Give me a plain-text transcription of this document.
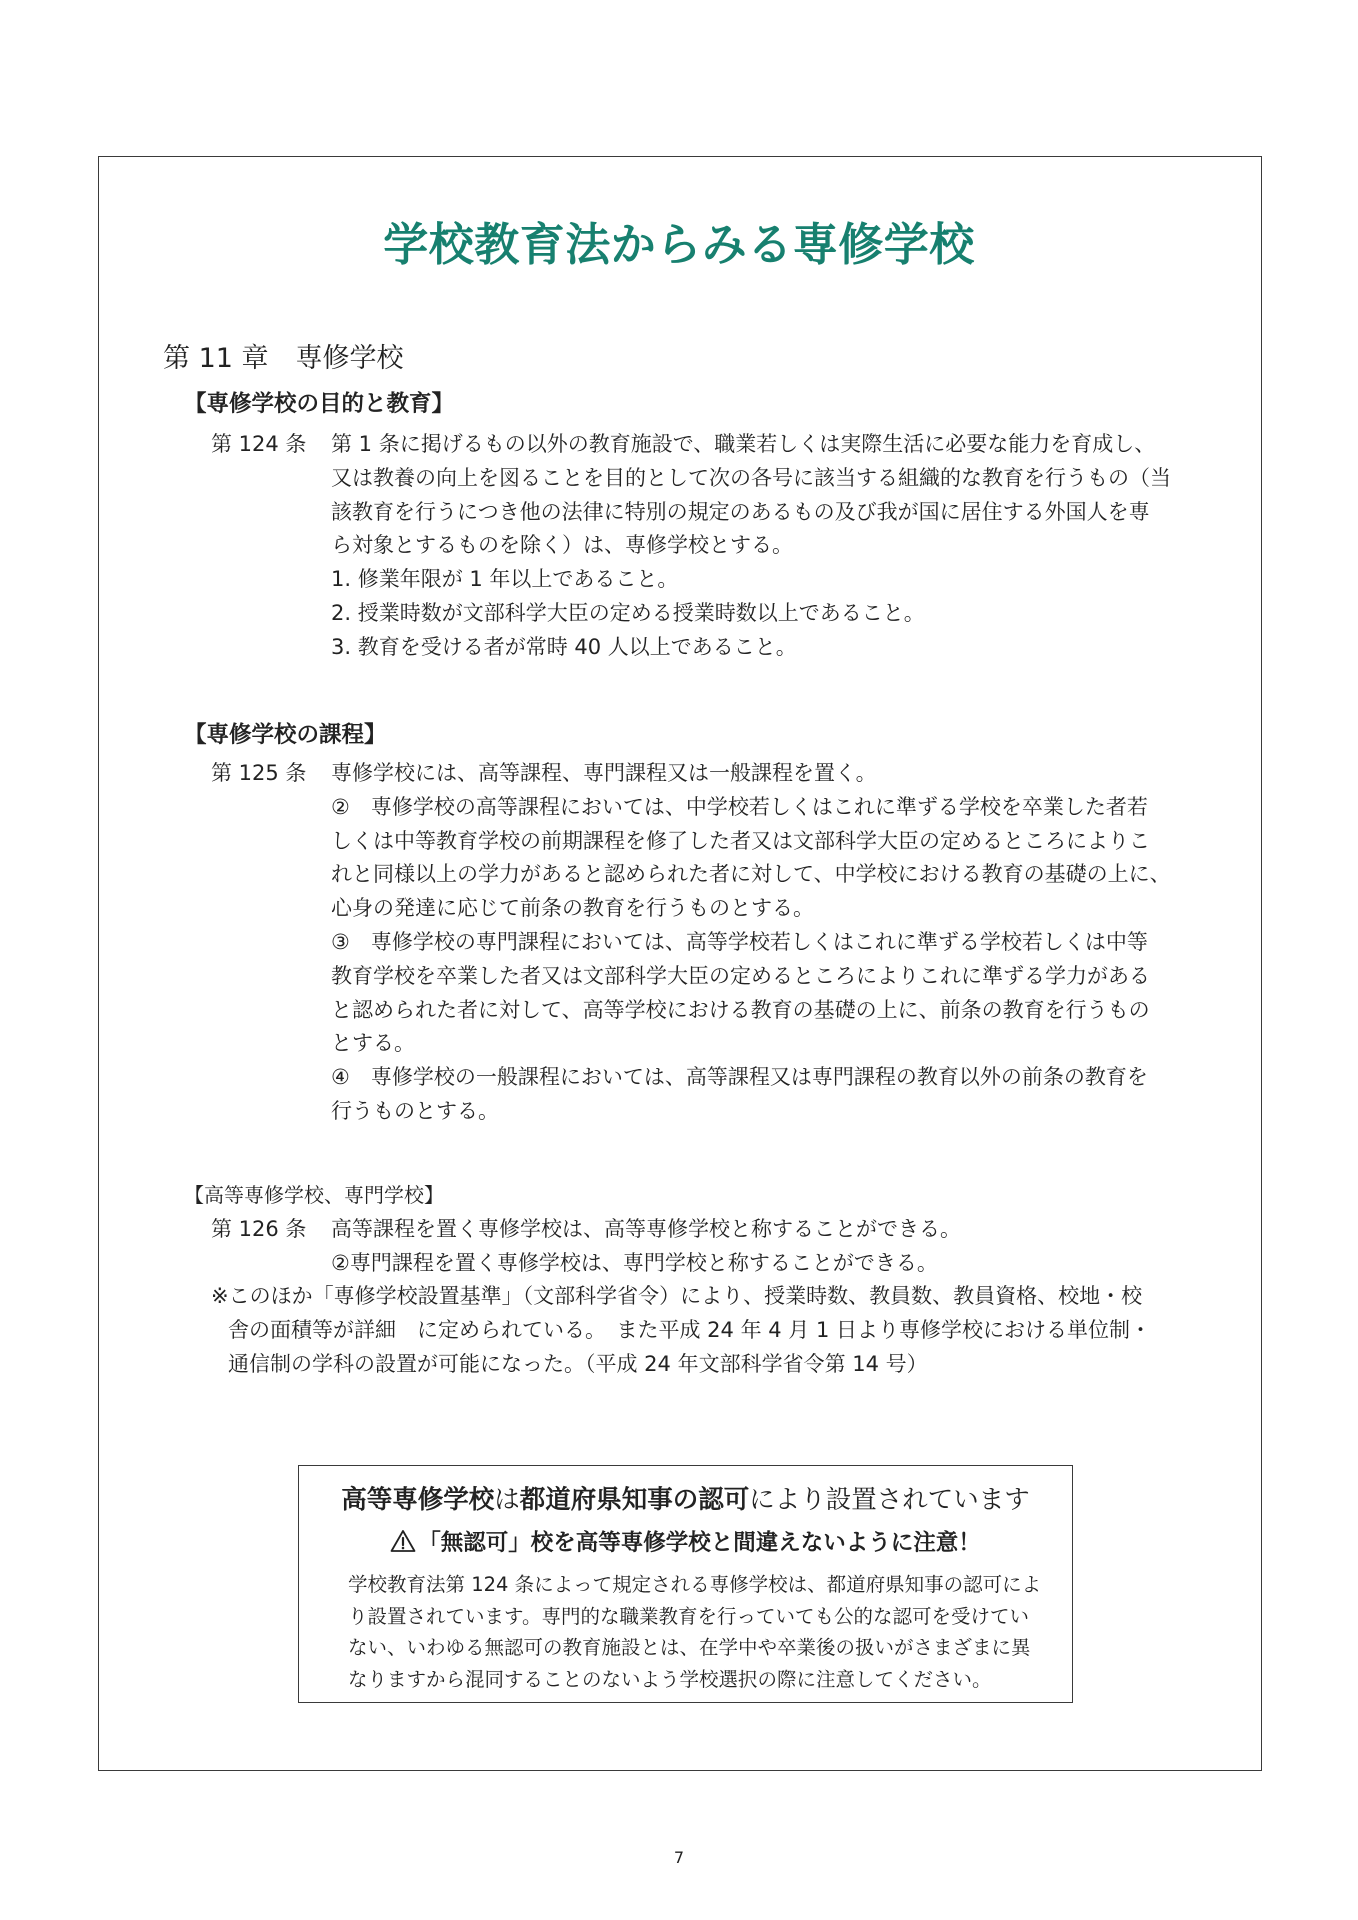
学校教育法からみる専修学校
第 11 章　専修学校
【専修学校の目的と教育】
第 124 条 第 1 条に掲げるもの以外の教育施設で、職業若しくは実際生活に必要な能力を育成し、
又は教養の向上を図ることを目的として次の各号に該当する組織的な教育を行うもの（当
該教育を行うにつき他の法律に特別の規定のあるもの及び我が国に居住する外国人を専
ら対象とするものを除く）は、専修学校とする。
1. 修業年限が 1 年以上であること。
2. 授業時数が文部科学大臣の定める授業時数以上であること。
3. 教育を受ける者が常時 40 人以上であること。
【専修学校の課程】
第 125 条 専修学校には、高等課程、専門課程又は一般課程を置く。
②　専修学校の高等課程においては、中学校若しくはこれに準ずる学校を卒業した者若
しくは中等教育学校の前期課程を修了した者又は文部科学大臣の定めるところによりこ
れと同様以上の学力があると認められた者に対して、中学校における教育の基礎の上に、
心身の発達に応じて前条の教育を行うものとする。
③　専修学校の専門課程においては、高等学校若しくはこれに準ずる学校若しくは中等
教育学校を卒業した者又は文部科学大臣の定めるところによりこれに準ずる学力がある
と認められた者に対して、高等学校における教育の基礎の上に、前条の教育を行うもの
とする。
④　専修学校の一般課程においては、高等課程又は専門課程の教育以外の前条の教育を
行うものとする。
【高等専修学校、専門学校】
第 126 条 高等課程を置く専修学校は、高等専修学校と称することができる。
②専門課程を置く専修学校は、専門学校と称することができる。
※このほか「専修学校設置基準」（文部科学省令）により、授業時数、教員数、教員資格、校地・校
舎の面積等が詳細　に定められている。　また平成 24 年 4 月 1 日より専修学校における単位制・
通信制の学科の設置が可能になった。（平成 24 年文部科学省令第 14 号）
高等専修学校は都道府県知事の認可により設置されています
「無認可」校を高等専修学校と間違えないように注意！
学校教育法第 124 条によって規定される専修学校は、都道府県知事の認可によ
り設置されています。専門的な職業教育を行っていても公的な認可を受けてい
ない、いわゆる無認可の教育施設とは、在学中や卒業後の扱いがさまざまに異
なりますから混同することのないよう学校選択の際に注意してください。
7
